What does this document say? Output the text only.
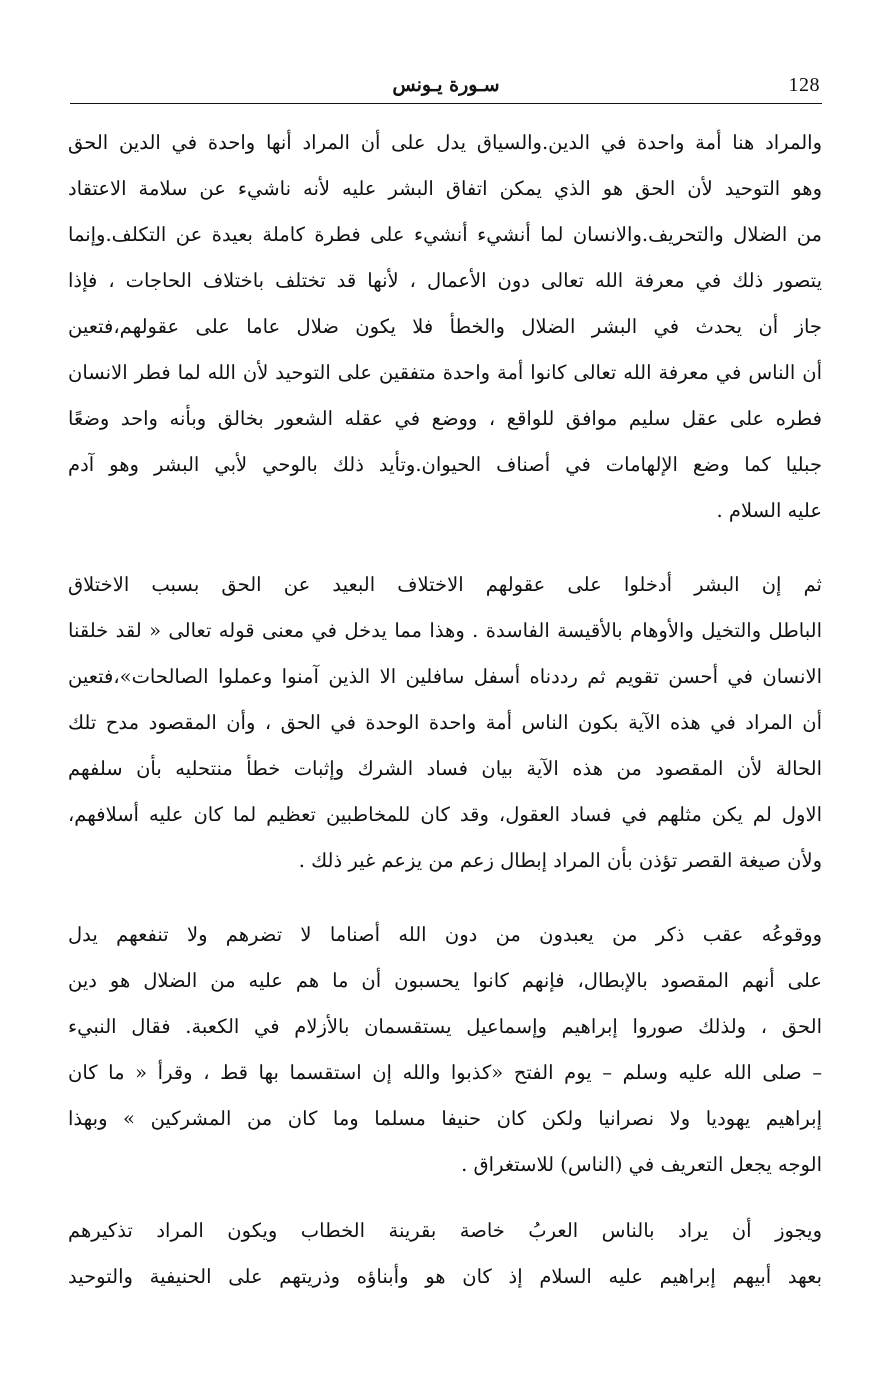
128
سـورة يـونس
والمراد هنا أمة واحدة في الدين.والسياق يدل على أن المراد أنها واحدة في الدين الحق
وهو التوحيد لأن الحق هو الذي يمكن اتفاق البشر عليه لأنه ناشيء عن سلامة الاعتقاد
من الضلال والتحريف.والانسان لما أنشيء أنشيء على فطرة كاملة بعيدة عن التكلف.وإنما
يتصور ذلك في معرفة الله تعالى دون الأعمال ، لأنها قد تختلف باختلاف الحاجات ، فإذا
جاز أن يحدث في البشر الضلال والخطأ فلا يكون ضلال عاما على عقولهم،فتعين
أن الناس في معرفة الله تعالى كانوا أمة واحدة متفقين على التوحيد لأن الله لما فطر الانسان
فطره على عقل سليم موافق للواقع ، ووضع في عقله الشعور بخالق وبأنه واحد وضعًا
جبليا كما وضع الإلهامات في أصناف الحيوان.وتأيد ذلك بالوحي لأبي البشر وهو آدم
عليه السلام .
ثم إن البشر أدخلوا على عقولهم الاختلاف البعيد عن الحق بسبب الاختلاق
الباطل والتخيل والأوهام بالأقيسة الفاسدة . وهذا مما يدخل في معنى قوله تعالى « لقد خلقنا
الانسان في أحسن تقويم ثم رددناه أسفل سافلين الا الذين آمنوا وعملوا الصالحات»،فتعين
أن المراد في هذه الآية بكون الناس أمة واحدة الوحدة في الحق ، وأن المقصود مدح تلك
الحالة لأن المقصود من هذه الآية بيان فساد الشرك وإثبات خطأ منتحليه بأن سلفهم
الاول لم يكن مثلهم في فساد العقول، وقد كان للمخاطبين تعظيم لما كان عليه أسلافهم،
ولأن صيغة القصر تؤذن بأن المراد إبطال زعم من يزعم غير ذلك .
ووقوعُه عقب ذكر من يعبدون من دون الله أصناما لا تضرهم ولا تنفعهم يدل
على أنهم المقصود بالإبطال، فإنهم كانوا يحسبون أن ما هم عليه من الضلال هو دين
الحق ، ولذلك صوروا إبراهيم وإسماعيل يستقسمان بالأزلام في الكعبة. فقال النبيء
– صلى الله عليه وسلم – يوم الفتح «كذبوا والله إن استقسما بها قط ، وقرأ « ما كان
إبراهيم يهوديا ولا نصرانيا ولكن كان حنيفا مسلما وما كان من المشركين » وبهذا
الوجه يجعل التعريف في (الناس) للاستغراق .
ويجوز أن يراد بالناس العربُ خاصة بقرينة الخطاب ويكون المراد تذكيرهم
بعهد أبيهم إبراهيم عليه السلام إذ كان هو وأبناؤه وذريتهم على الحنيفية والتوحيد
